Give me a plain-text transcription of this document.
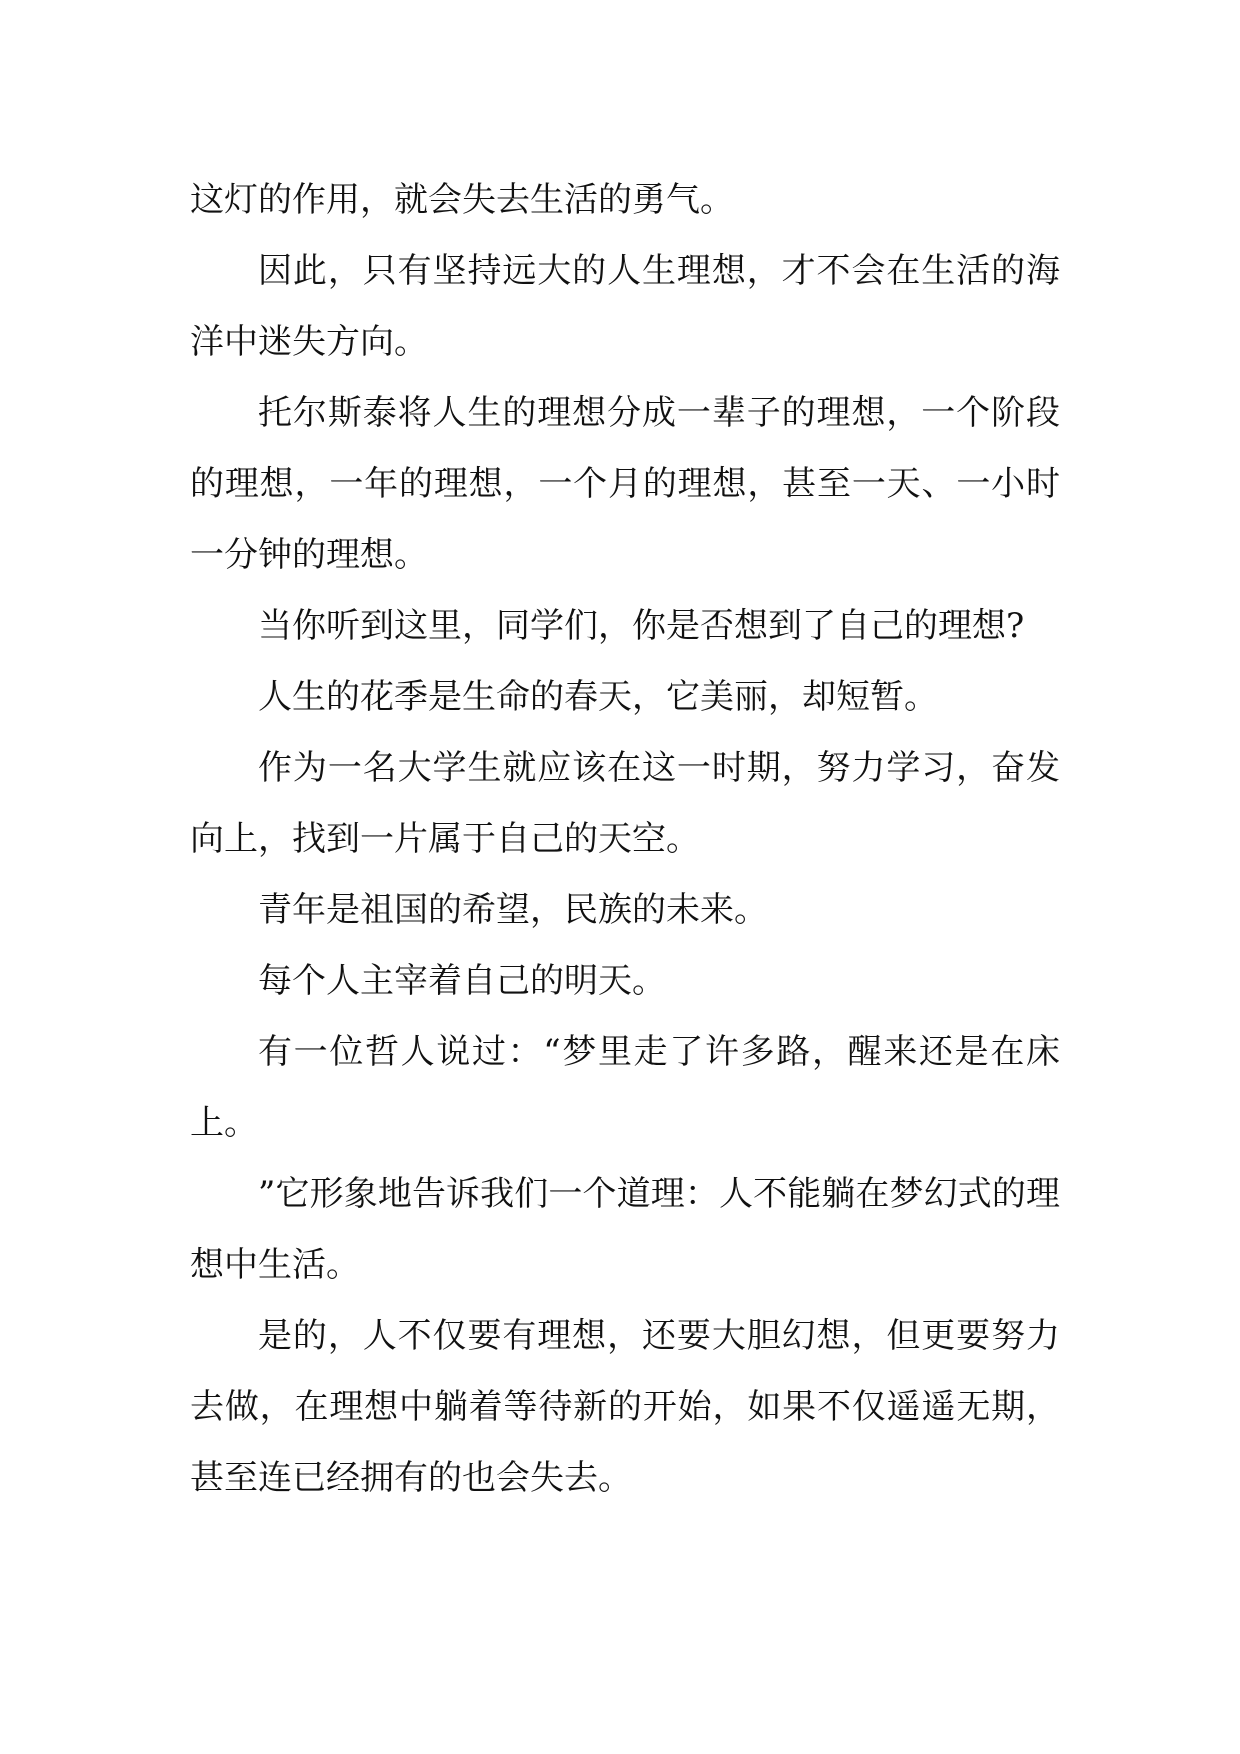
这灯的作用，就会失去生活的勇气。

因此，只有坚持远大的人生理想，才不会在生活的海洋中迷失方向。

托尔斯泰将人生的理想分成一辈子的理想，一个阶段的理想，一年的理想，一个月的理想，甚至一天、一小时一分钟的理想。

当你听到这里，同学们，你是否想到了自己的理想?

人生的花季是生命的春天，它美丽，却短暂。

作为一名大学生就应该在这一时期，努力学习，奋发向上，找到一片属于自己的天空。

青年是祖国的希望，民族的未来。

每个人主宰着自己的明天。

有一位哲人说过：“梦里走了许多路，醒来还是在床上。

”它形象地告诉我们一个道理：人不能躺在梦幻式的理想中生活。

是的，人不仅要有理想，还要大胆幻想，但更要努力去做，在理想中躺着等待新的开始，如果不仅遥遥无期，甚至连已经拥有的也会失去。
